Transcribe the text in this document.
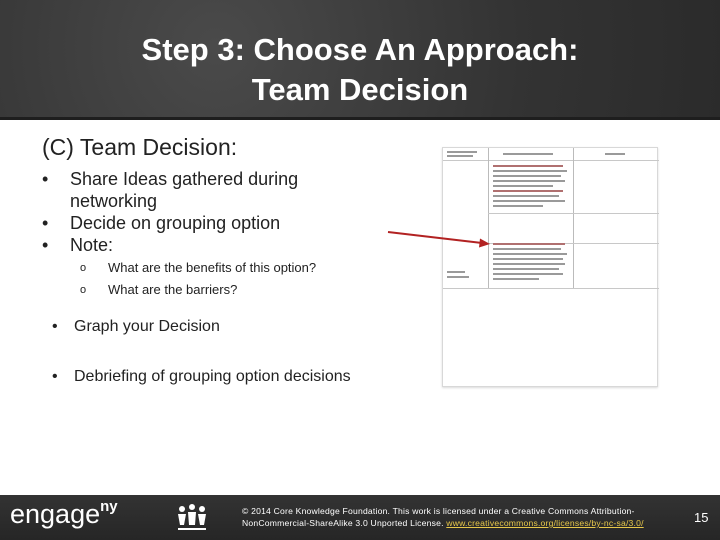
Step 3: Choose An Approach:
Team Decision
(C) Team Decision:
• Share Ideas gathered during networking
• Decide on grouping option
• Note:
o What are the benefits of this option?
o What are the barriers?
• Graph your Decision
• Debriefing of grouping option decisions
engage$^{ny}$	© 2014 Core Knowledge Foundation. This work is licensed under a Creative Commons Attribution-NonCommercial-ShareAlike 3.0 Unported License. www.creativecommons.org/licenses/by-nc-sa/3.0/	15
